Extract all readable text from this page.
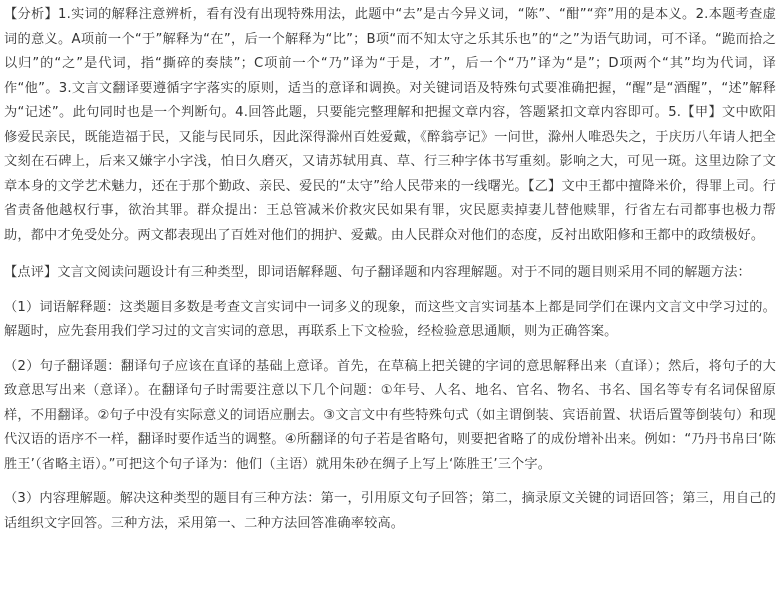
【分析】1.实词的解释注意辨析，看有没有出现特殊用法，此题中“去”是古今异义词，“陈”、“酣”“弈”用的是本义。2.本题考查虚词的意义。A项前一个“于”解释为“在”，后一个解释为“比”；B项“而不知太守之乐其乐也”的“之”为语气助词，可不译。“跪而拾之以归”的“之”是代词，指“撕碎的奏牍”；C项前一个“乃”译为“于是，才”，后一个“乃”译为“是”；D项两个“其”均为代词，译作“他”。3.文言文翻译要遵循字字落实的原则，适当的意译和调换。对关键词语及特殊句式要准确把握，“醒”是“酒醒”，“述”解释为“记述”。此句同时也是一个判断句。4.回答此题，只要能完整理解和把握文章内容，答题紧扣文章内容即可。5.【甲】文中欧阳修爱民亲民，既能造福于民，又能与民同乐，因此深得滁州百姓爱戴，《醉翁亭记》一问世，滁州人唯恐失之，于庆历八年请人把全文刻在石碑上，后来又嫌字小字浅，怕日久磨灭，又请苏轼用真、草、行三种字体书写重刻。影响之大，可见一斑。这里边除了文章本身的文学艺术魅力，还在于那个勤政、亲民、爱民的“太守”给人民带来的一线曙光。【乙】文中王都中擅降米价，得罪上司。行省责备他越权行事，欲治其罪。群众提出：王总管减米价救灾民如果有罪，灾民愿卖掉妻儿替他赎罪，行省左右司都事也极力帮助，都中才免受处分。两文都表现出了百姓对他们的拥护、爱戴。由人民群众对他们的态度，反衬出欧阳修和王都中的政绩极好。

【点评】文言文阅读问题设计有三种类型，即词语解释题、句子翻译题和内容理解题。对于不同的题目则采用不同的解题方法：

（1）词语解释题：这类题目多数是考查文言实词中一词多义的现象，而这些文言实词基本上都是同学们在课内文言文中学习过的。解题时，应先套用我们学习过的文言实词的意思，再联系上下文检验，经检验意思通顺，则为正确答案。

（2）句子翻译题：翻译句子应该在直译的基础上意译。首先，在草稿上把关键的字词的意思解释出来（直译）；然后，将句子的大致意思写出来（意译）。在翻译句子时需要注意以下几个问题：①年号、人名、地名、官名、物名、书名、国名等专有名词保留原样，不用翻译。②句子中没有实际意义的词语应删去。③文言文中有些特殊句式（如主谓倒装、宾语前置、状语后置等倒装句）和现代汉语的语序不一样，翻译时要作适当的调整。④所翻译的句子若是省略句，则要把省略了的成份增补出来。例如：“乃丹书帛曰‘陈胜王’（省略主语）。”可把这个句子译为：他们（主语）就用朱砂在绸子上写上‘陈胜王’三个字。

（3）内容理解题。解决这种类型的题目有三种方法：第一，引用原文句子回答；第二，摘录原文关键的词语回答；第三，用自己的话组织文字回答。三种方法，采用第一、二种方法回答准确率较高。
